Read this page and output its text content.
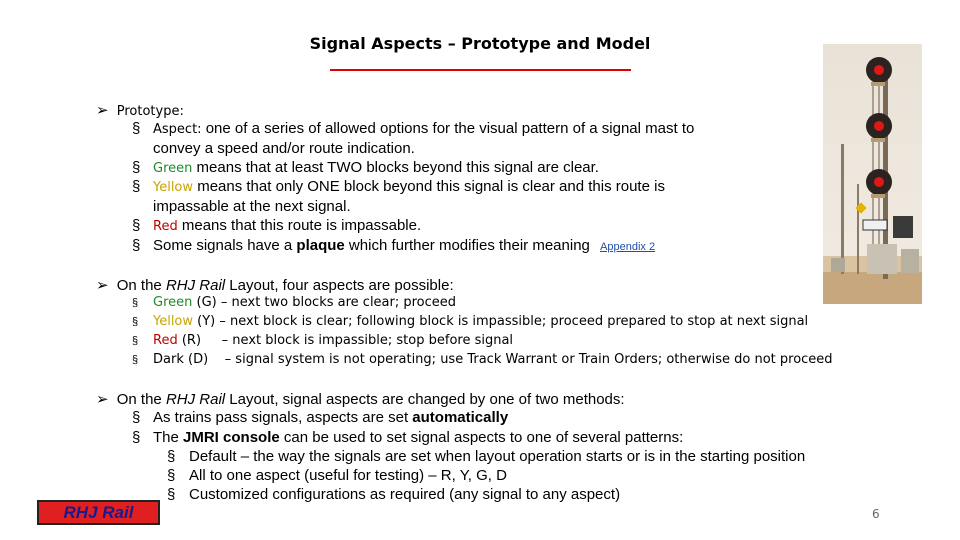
Signal Aspects – Prototype and Model
➢ Prototype:
§ Aspect: one of a series of allowed options for the visual pattern of a signal mast to
convey a speed and/or route indication.
§ Green means that at least TWO blocks beyond this signal are clear.
§ Yellow means that only ONE block beyond this signal is clear and this route is
impassable at the next signal.
§ Red means that this route is impassable.
§ Some signals have a plaque which further modifies their meaning Appendix 2
➢ On the RHJ Rail Layout, four aspects are possible:
§ Green (G) – next two blocks are clear; proceed
§ Yellow (Y) – next block is clear; following block is impassible; proceed prepared to stop at next signal
§ Red (R)     – next block is impassible; stop before signal
§ Dark (D)    – signal system is not operating; use Track Warrant or Train Orders; otherwise do not proceed
➢ On the RHJ Rail Layout, signal aspects are changed by one of two methods:
§ As trains pass signals, aspects are set automatically
§ The JMRI console can be used to set signal aspects to one of several patterns:
§ Default – the way the signals are set when layout operation starts or is in the starting position
§ All to one aspect (useful for testing) – R, Y, G, D
§ Customized configurations as required (any signal to any aspect)
RHJ Rail	6
